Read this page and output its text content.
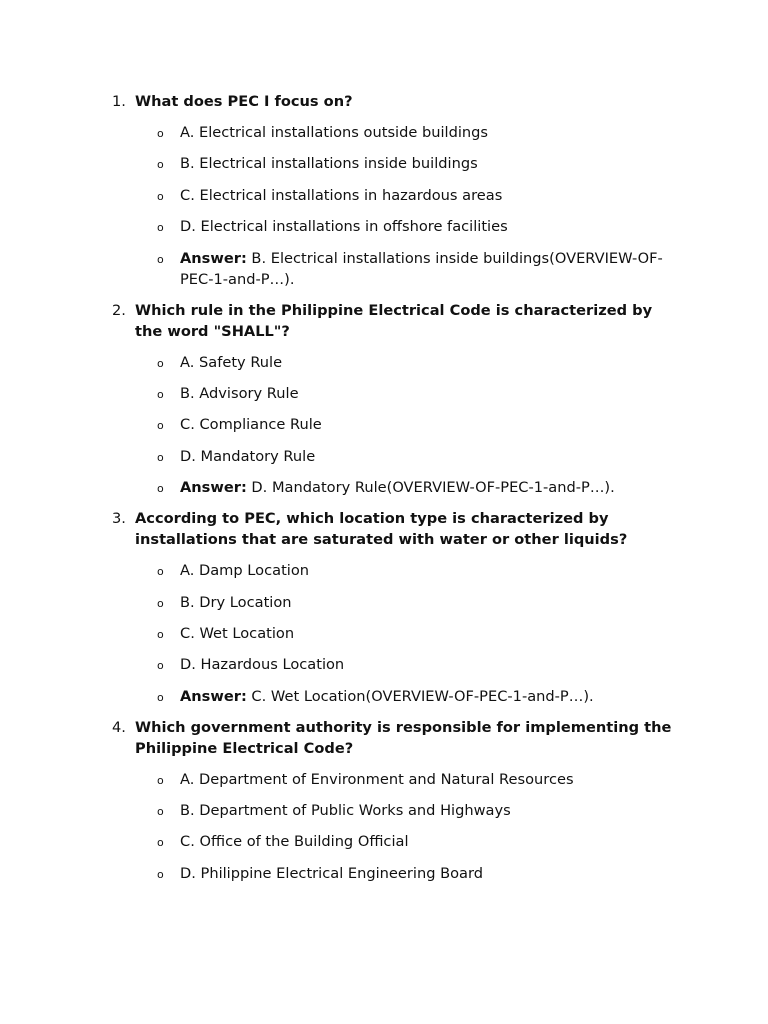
1. What does PEC I focus on?
o A. Electrical installations outside buildings
o B. Electrical installations inside buildings
o C. Electrical installations in hazardous areas
o D. Electrical installations in offshore facilities
o Answer: B. Electrical installations inside buildings(OVERVIEW-OF-PEC-1-and-P…).
2. Which rule in the Philippine Electrical Code is characterized by the word "SHALL"?
o A. Safety Rule
o B. Advisory Rule
o C. Compliance Rule
o D. Mandatory Rule
o Answer: D. Mandatory Rule(OVERVIEW-OF-PEC-1-and-P…).
3. According to PEC, which location type is characterized by installations that are saturated with water or other liquids?
o A. Damp Location
o B. Dry Location
o C. Wet Location
o D. Hazardous Location
o Answer: C. Wet Location(OVERVIEW-OF-PEC-1-and-P…).
4. Which government authority is responsible for implementing the Philippine Electrical Code?
o A. Department of Environment and Natural Resources
o B. Department of Public Works and Highways
o C. Office of the Building Official
o D. Philippine Electrical Engineering Board
